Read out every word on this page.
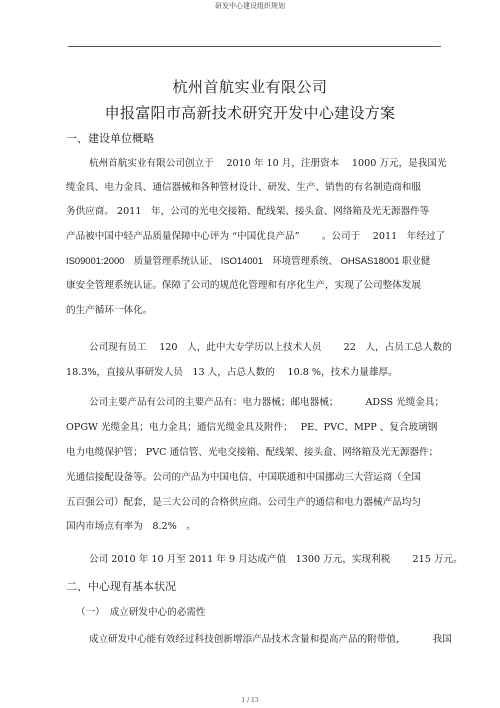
研发中心建设组织规划
..
杭州首航实业有限公司
申报富阳市高新技术研究开发中心建设方案
一、建设单位概略
杭州首航实业有限公司创立于　 2010 年 10 月，注册资本　 1000 万元，是我国光
缆金具、电力金具、通信器械和各种管材设计、研发、生产、销售的有名制造商和服
务供应商。 2011　年，公司的光电交接箱、配线架、接头盒、网络箱及光无源器件等
产品被中国中轻产品质量保障中心评为 “中国优良产品”　　 。公司于　 2011　年经过了
IS09001:2000　质量管理系统认证、 ISO14001　环境管理系统、 OHSAS18001 职业健
康安全管理系统认证。保障了公司的规范化管理和有序化生产，实现了公司整体发展
的生产循环一体化。
公司现有员工　 120　人，此中大专学历以上技术人员　　 22　人，占员工总人数的
18.3%，直接从事研发人员　13 人，占总人数的　 10.8 %，技术力量雄厚。
公司主要产品有公司的主要产品有：电力器械；邮电器械；　　　 ADSS 光缆金具；
OPGW 光缆金具；电力金具；通信光缆金具及附件；　 PE、PVC、MPP 、复合玻璃钢
电力电缆保护管； PVC 通信管、光电交接箱、配线架、接头盒、网络箱及光无源器件；
光通信接配设备等。公司的产品为中国电信、中国联通和中国挪动三大营运商（全国
五百强公司）配套，是三大公司的合格供应商。公司生产的通信和电力器械产品均匀
国内市场点有率为　8.2%　。
公司 2010 年 10 月至 2011 年 9 月达成产值　1300 万元，实现利税　　 215 万元。
二、中心现有基本状况
（一）　成立研发中心的必需性
成立研发中心能有效经过科技创新增添产品技术含量和提高产品的附带值，　　　 我国
1 / 13
